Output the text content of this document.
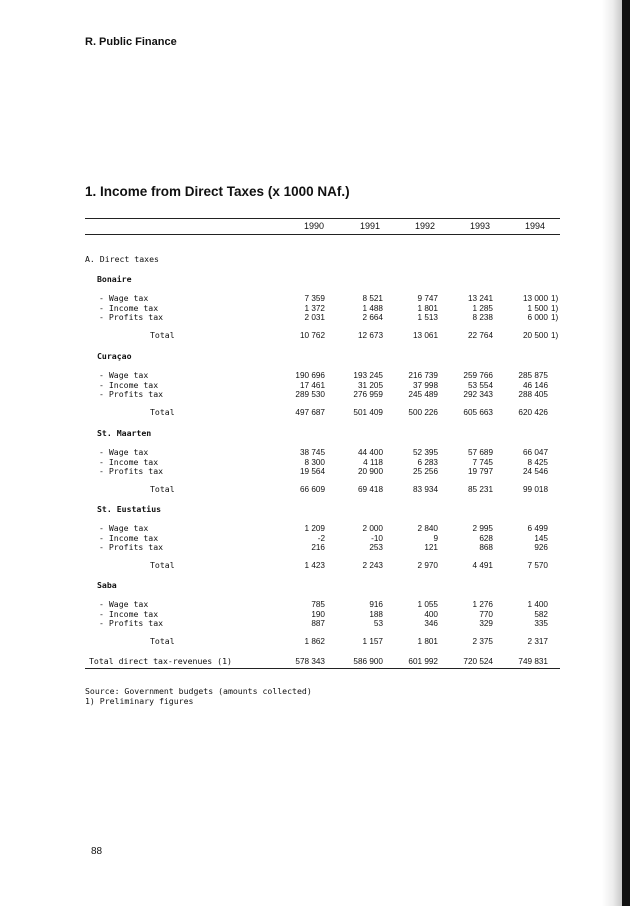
R. Public Finance
1. Income from Direct Taxes (x 1000 NAf.)
1990	1991	1992	1993	1994
A. Direct taxes
Bonaire
- Wage tax	7 359	8 521	9 747	13 241	13 000 1)
- Income tax	1 372	1 488	1 801	1 285	1 500 1)
- Profits tax	2 031	2 664	1 513	8 238	6 000 1)
Total	10 762	12 673	13 061	22 764	20 500 1)
Curaçao
- Wage tax	190 696	193 245	216 739	259 766	285 875
- Income tax	17 461	31 205	37 998	53 554	46 146
- Profits tax	289 530	276 959	245 489	292 343	288 405
Total	497 687	501 409	500 226	605 663	620 426
St. Maarten
- Wage tax	38 745	44 400	52 395	57 689	66 047
- Income tax	8 300	4 118	6 283	7 745	8 425
- Profits tax	19 564	20 900	25 256	19 797	24 546
Total	66 609	69 418	83 934	85 231	99 018
St. Eustatius
- Wage tax	1 209	2 000	2 840	2 995	6 499
- Income tax	-2	-10	9	628	145
- Profits tax	216	253	121	868	926
Total	1 423	2 243	2 970	4 491	7 570
Saba
- Wage tax	785	916	1 055	1 276	1 400
- Income tax	190	188	400	770	582
- Profits tax	887	53	346	329	335
Total	1 862	1 157	1 801	2 375	2 317
Total direct tax-revenues (1)	578 343	586 900	601 992	720 524	749 831
Source: Government budgets (amounts collected)
1) Preliminary figures
88
